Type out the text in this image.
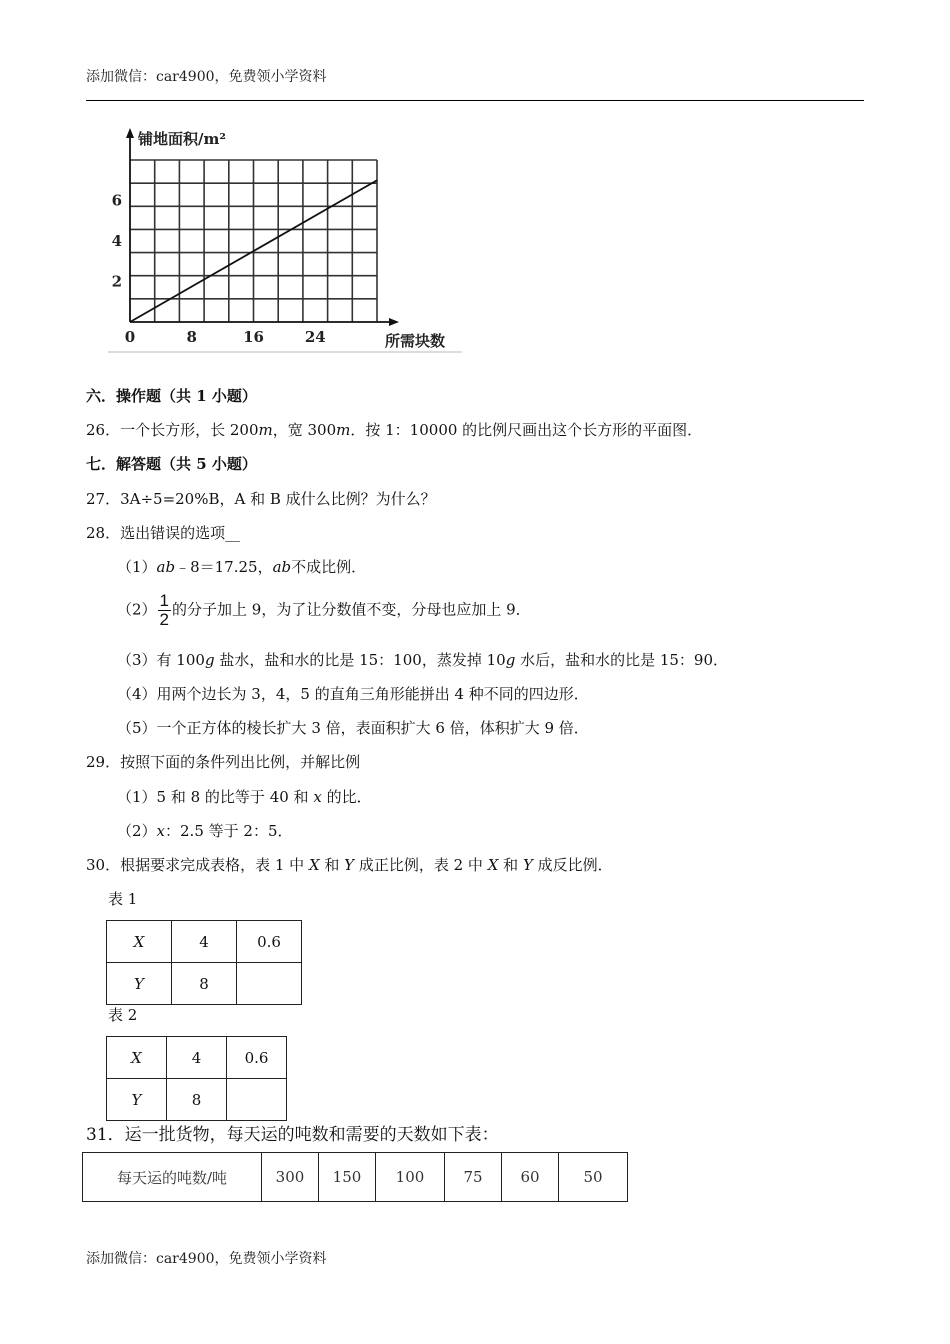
添加微信：car4900，免费领小学资料
0	8	16	24
2
4
6
铺地面积/m²
所需块数
六．操作题（共 1 小题）
26．一个长方形，长 200m，宽 300m．按 1：10000 的比例尺画出这个长方形的平面图．
七．解答题（共 5 小题）
27．3A÷5=20%B，A 和 B 成什么比例？为什么？
28．选出错误的选项__
（1）ab﹣8＝17.25，ab不成比例．
$(2) \frac{1}{2}$ 的分子加上 9，为了让分数值不变，分母也应加上 9．
（3）有 100g 盐水，盐和水的比是 15：100，蒸发掉 10g 水后，盐和水的比是 15：90．
（4）用两个边长为 3，4，5 的直角三角形能拼出 4 种不同的四边形．
（5）一个正方体的棱长扩大 3 倍，表面积扩大 6 倍，体积扩大 9 倍．
29．按照下面的条件列出比例，并解比例
（1）5 和 8 的比等于 40 和 x 的比．
（2）x：2.5 等于 2：5．
30．根据要求完成表格，表 1 中 X 和 Y 成正比例，表 2 中 X 和 Y 成反比例．
表 1
X	4	0.6
Y	8	
表 2
X	4	0.6
Y	8	
31．运一批货物，每天运的吨数和需要的天数如下表：
每天运的吨数/吨	300	150	100	75	60	50
添加微信：car4900，免费领小学资料
